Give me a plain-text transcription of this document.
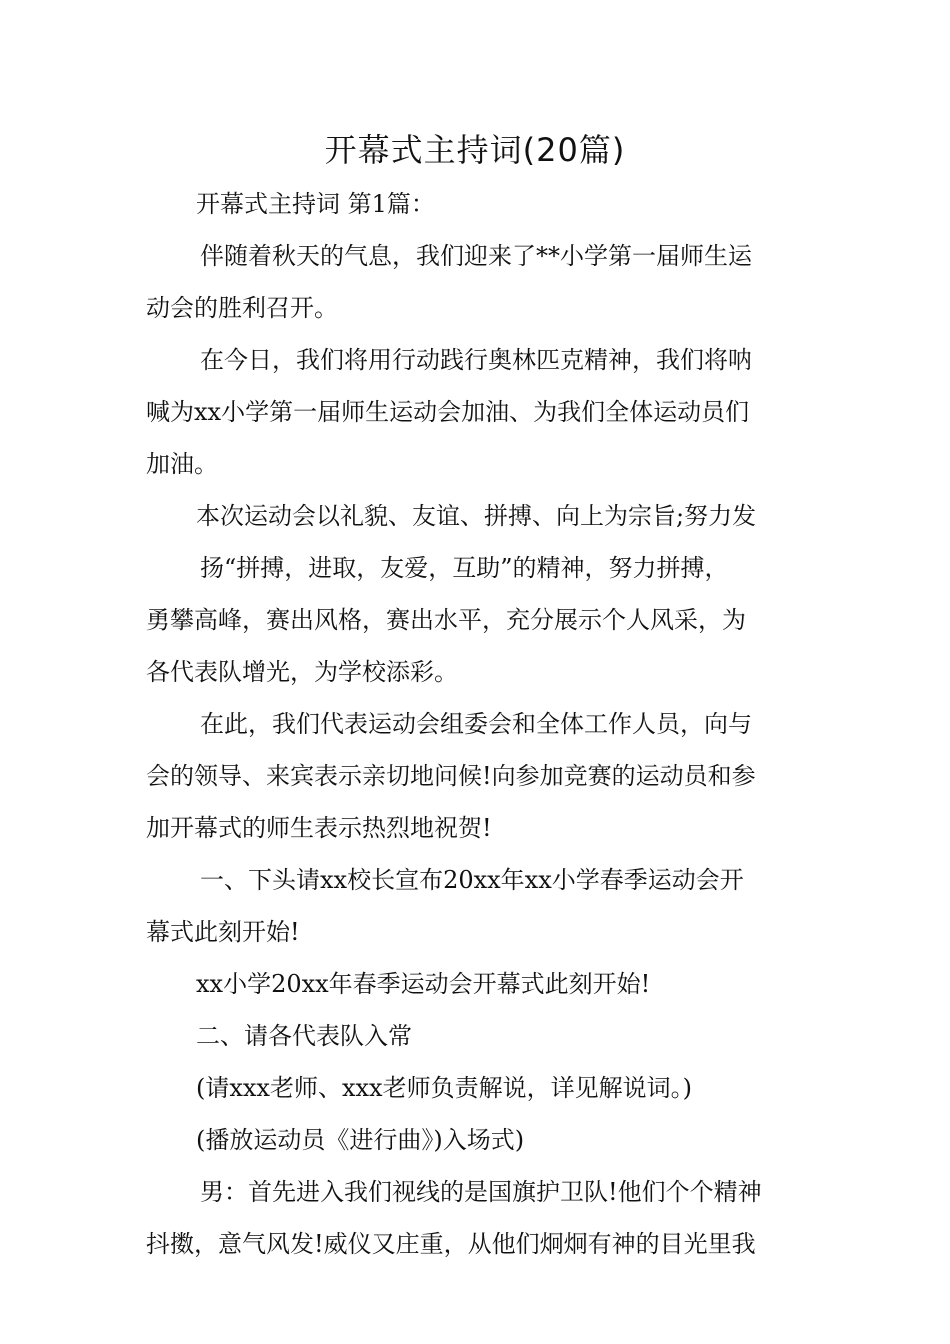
开幕式主持词(20篇)
开幕式主持词 第1篇：
伴随着秋天的气息，我们迎来了**小学第一届师生运
动会的胜利召开。
在今日，我们将用行动践行奥林匹克精神，我们将呐
喊为xx小学第一届师生运动会加油、为我们全体运动员们
加油。
本次运动会以礼貌、友谊、拼搏、向上为宗旨;努力发
扬“拼搏，进取，友爱，互助”的精神，努力拼搏，
勇攀高峰，赛出风格，赛出水平，充分展示个人风采，为
各代表队增光，为学校添彩。
在此，我们代表运动会组委会和全体工作人员，向与
会的领导、来宾表示亲切地问候!向参加竞赛的运动员和参
加开幕式的师生表示热烈地祝贺!
一、下头请xx校长宣布20xx年xx小学春季运动会开
幕式此刻开始!
xx小学20xx年春季运动会开幕式此刻开始!
二、请各代表队入常
(请xxx老师、xxx老师负责解说，详见解说词。)
(播放运动员《进行曲》)入场式)
男：首先进入我们视线的是国旗护卫队!他们个个精神
抖擞，意气风发!威仪又庄重，从他们炯炯有神的目光里我
